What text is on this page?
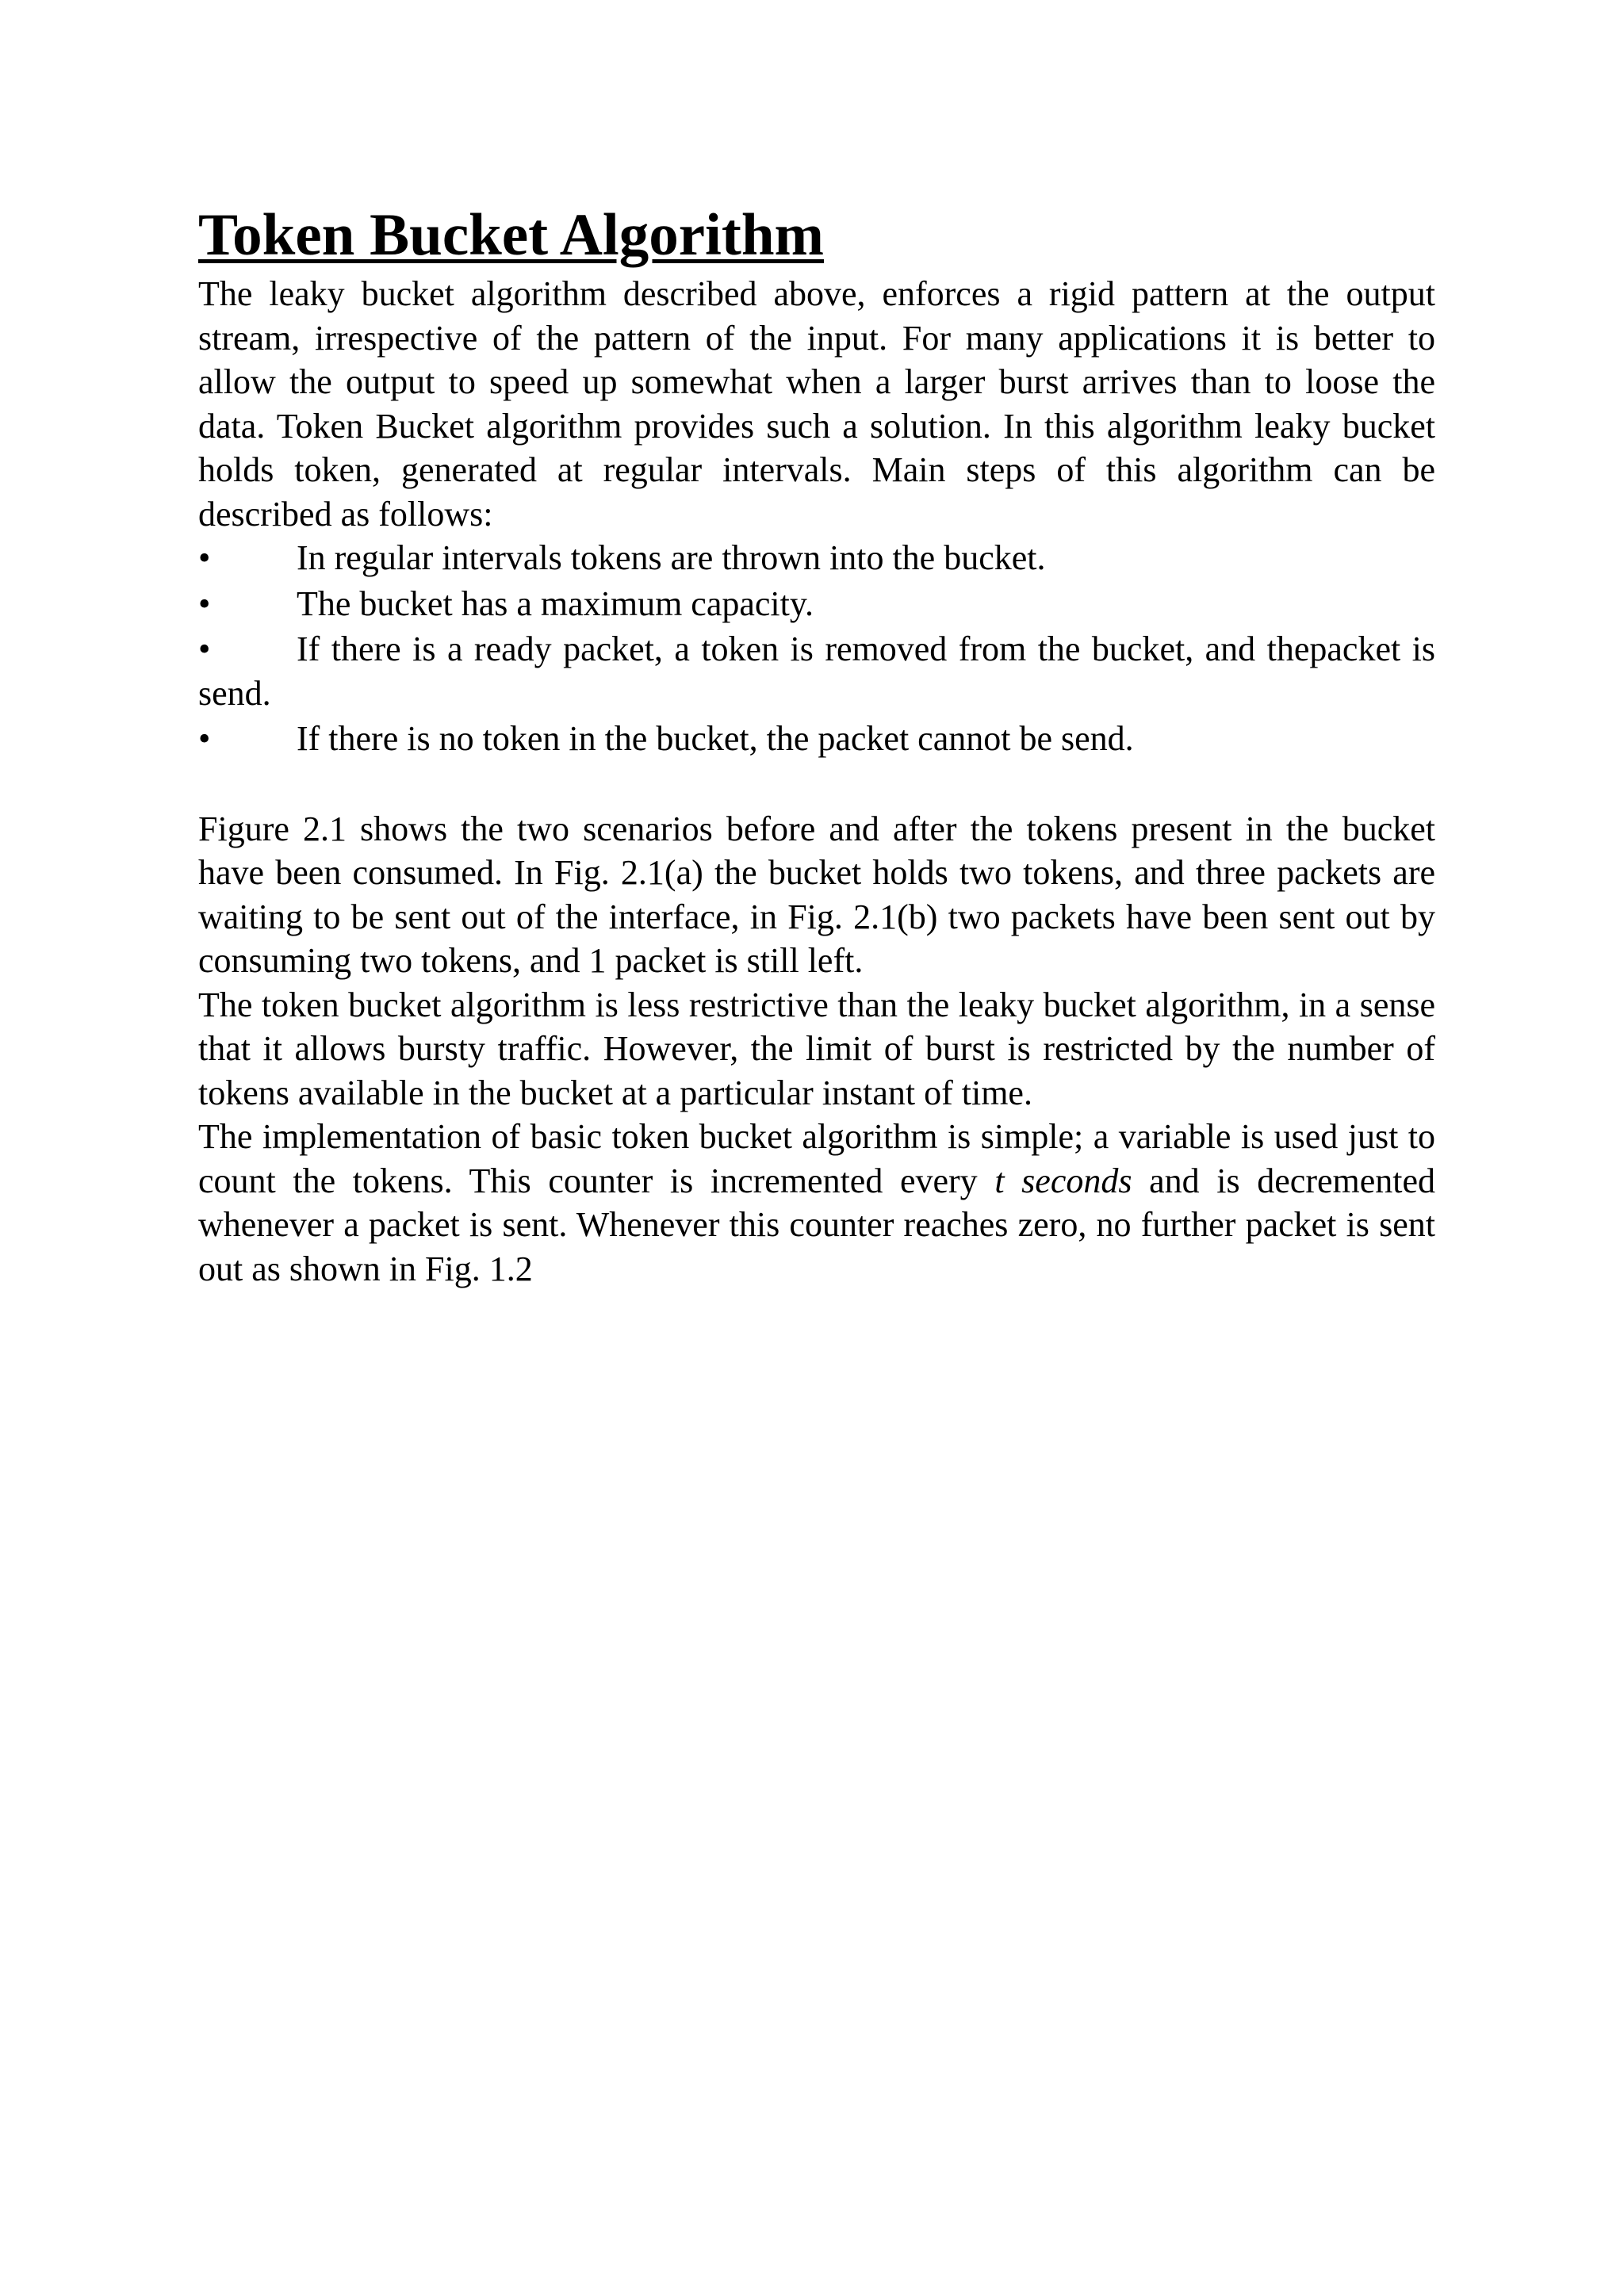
Token Bucket Algorithm

The leaky bucket algorithm described above, enforces a rigid pattern at the output stream, irrespective of the pattern of the input. For many applications it is better to allow the output to speed up somewhat when a larger burst arrives than to loose the data. Token Bucket algorithm provides such a solution. In this algorithm leaky bucket holds token, generated at regular intervals. Main steps of this algorithm can be described as follows:

• In regular intervals tokens are thrown into the bucket.
• The bucket has a maximum capacity.
• If there is a ready packet, a token is removed from the bucket, and thepacket is send.
• If there is no token in the bucket, the packet cannot be send.

Figure 2.1 shows the two scenarios before and after the tokens present in the bucket have been consumed. In Fig. 2.1(a) the bucket holds two tokens, and three packets are waiting to be sent out of the interface, in Fig. 2.1(b) two packets have been sent out by consuming two tokens, and 1 packet is still left.

The token bucket algorithm is less restrictive than the leaky bucket algorithm, in a sense that it allows bursty traffic. However, the limit of burst is restricted by the number of tokens available in the bucket at a particular instant of time.

The implementation of basic token bucket algorithm is simple; a variable is used just to count the tokens. This counter is incremented every t seconds and is decremented whenever a packet is sent. Whenever this counter reaches zero, no further packet is sent out as shown in Fig. 1.2
